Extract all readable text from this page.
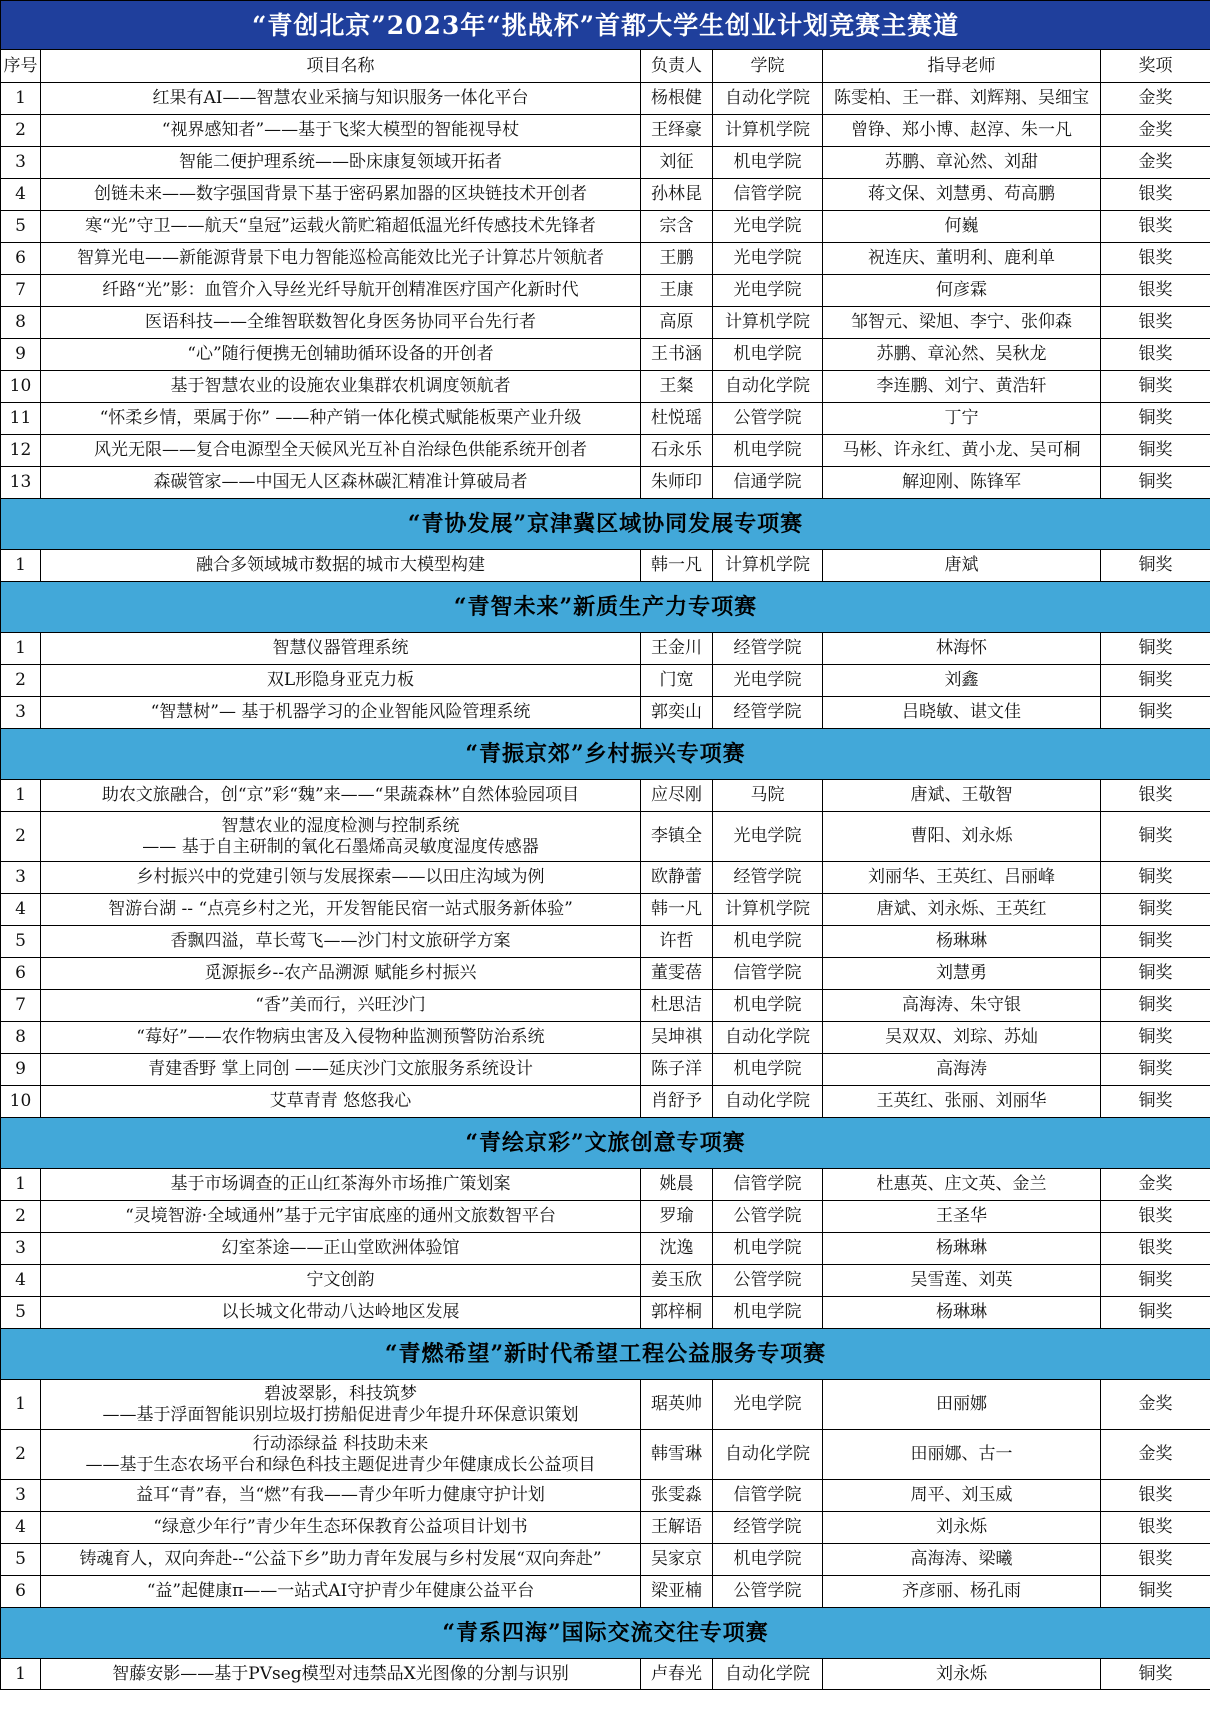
“青创北京”2023年“挑战杯”首都大学生创业计划竞赛主赛道					
序号	项目名称	负责人	学院	指导老师	奖项
1	红果有AI——智慧农业采摘与知识服务一体化平台	杨根健	自动化学院	陈雯柏、王一群、刘辉翔、吴细宝	金奖
2	“视界感知者”——基于飞桨大模型的智能视导杖	王绎豪	计算机学院	曾铮、郑小博、赵淳、朱一凡	金奖
3	智能二便护理系统——卧床康复领域开拓者	刘征	机电学院	苏鹏、章沁然、刘甜	金奖
4	创链未来——数字强国背景下基于密码累加器的区块链技术开创者	孙林昆	信管学院	蒋文保、刘慧勇、苟高鹏	银奖
5	寒“光”守卫——航天“皇冠”运载火箭贮箱超低温光纤传感技术先锋者	宗含	光电学院	何巍	银奖
6	智算光电——新能源背景下电力智能巡检高能效比光子计算芯片领航者	王鹏	光电学院	祝连庆、董明利、鹿利单	银奖
7	纤路“光”影：血管介入导丝光纤导航开创精准医疗国产化新时代	王康	光电学院	何彦霖	银奖
8	医语科技——全维智联数智化身医务协同平台先行者	高原	计算机学院	邹智元、梁旭、李宁、张仰森	银奖
9	“心”随行便携无创辅助循环设备的开创者	王书涵	机电学院	苏鹏、章沁然、吴秋龙	银奖
10	基于智慧农业的设施农业集群农机调度领航者	王粲	自动化学院	李连鹏、刘宁、黄浩轩	铜奖
11	“怀柔乡情，栗属于你” ——种产销一体化模式赋能板栗产业升级	杜悦瑶	公管学院	丁宁	铜奖
12	风光无限——复合电源型全天候风光互补自治绿色供能系统开创者	石永乐	机电学院	马彬、许永红、黄小龙、吴可桐	铜奖
13	森碳管家——中国无人区森林碳汇精准计算破局者	朱师印	信通学院	解迎刚、陈锋军	铜奖
“青协发展”京津冀区域协同发展专项赛					
1	融合多领域城市数据的城市大模型构建	韩一凡	计算机学院	唐斌	铜奖
“青智未来”新质生产力专项赛					
1	智慧仪器管理系统	王金川	经管学院	林海怀	铜奖
2	双L形隐身亚克力板	门宽	光电学院	刘鑫	铜奖
3	“智慧树”— 基于机器学习的企业智能风险管理系统	郭奕山	经管学院	吕晓敏、谌文佳	铜奖
“青振京郊”乡村振兴专项赛					
1	助农文旅融合，创“京”彩“魏”来——“果蔬森林”自然体验园项目	应尽刚	马院	唐斌、王敬智	银奖
2	智慧农业的湿度检测与控制系统
—— 基于自主研制的氧化石墨烯高灵敏度湿度传感器	李镇全	光电学院	曹阳、刘永烁	铜奖
3	乡村振兴中的党建引领与发展探索——以田庄沟域为例	欧静蕾	经管学院	刘丽华、王英红、吕丽峰	铜奖
4	智游台湖 -- “点亮乡村之光，开发智能民宿一站式服务新体验”	韩一凡	计算机学院	唐斌、刘永烁、王英红	铜奖
5	香飘四溢，草长莺飞——沙门村文旅研学方案	许哲	机电学院	杨琳琳	铜奖
6	觅源振乡--农产品溯源 赋能乡村振兴	董雯蓓	信管学院	刘慧勇	铜奖
7	“香”美而行，兴旺沙门	杜思洁	机电学院	高海涛、朱守银	铜奖
8	“莓好”——农作物病虫害及入侵物种监测预警防治系统	吴坤祺	自动化学院	吴双双、刘琮、苏灿	铜奖
9	青建香野 掌上同创 ——延庆沙门文旅服务系统设计	陈子洋	机电学院	高海涛	铜奖
10	艾草青青 悠悠我心	肖舒予	自动化学院	王英红、张丽、刘丽华	铜奖
“青绘京彩”文旅创意专项赛					
1	基于市场调查的正山红茶海外市场推广策划案	姚晨	信管学院	杜惠英、庄文英、金兰	金奖
2	“灵境智游·全域通州”基于元宇宙底座的通州文旅数智平台	罗瑜	公管学院	王圣华	银奖
3	幻室茶途——正山堂欧洲体验馆	沈逸	机电学院	杨琳琳	银奖
4	宁文创韵	姜玉欣	公管学院	吴雪莲、刘英	铜奖
5	以长城文化带动八达岭地区发展	郭梓桐	机电学院	杨琳琳	铜奖
“青燃希望”新时代希望工程公益服务专项赛					
1	碧波翠影，科技筑梦
——基于浮面智能识别垃圾打捞船促进青少年提升环保意识策划	琚英帅	光电学院	田丽娜	金奖
2	行动添绿益 科技助未来
——基于生态农场平台和绿色科技主题促进青少年健康成长公益项目	韩雪琳	自动化学院	田丽娜、古一	金奖
3	益耳“青”春，当“燃”有我——青少年听力健康守护计划	张雯淼	信管学院	周平、刘玉威	银奖
4	“绿意少年行”青少年生态环保教育公益项目计划书	王解语	经管学院	刘永烁	银奖
5	铸魂育人，双向奔赴--“公益下乡”助力青年发展与乡村发展“双向奔赴”	吴家京	机电学院	高海涛、梁曦	银奖
6	“益”起健康π——一站式AI守护青少年健康公益平台	梁亚楠	公管学院	齐彦丽、杨孔雨	铜奖
“青系四海”国际交流交往专项赛					
1	智藤安影——基于PVseg模型对违禁品X光图像的分割与识别	卢春光	自动化学院	刘永烁	铜奖
